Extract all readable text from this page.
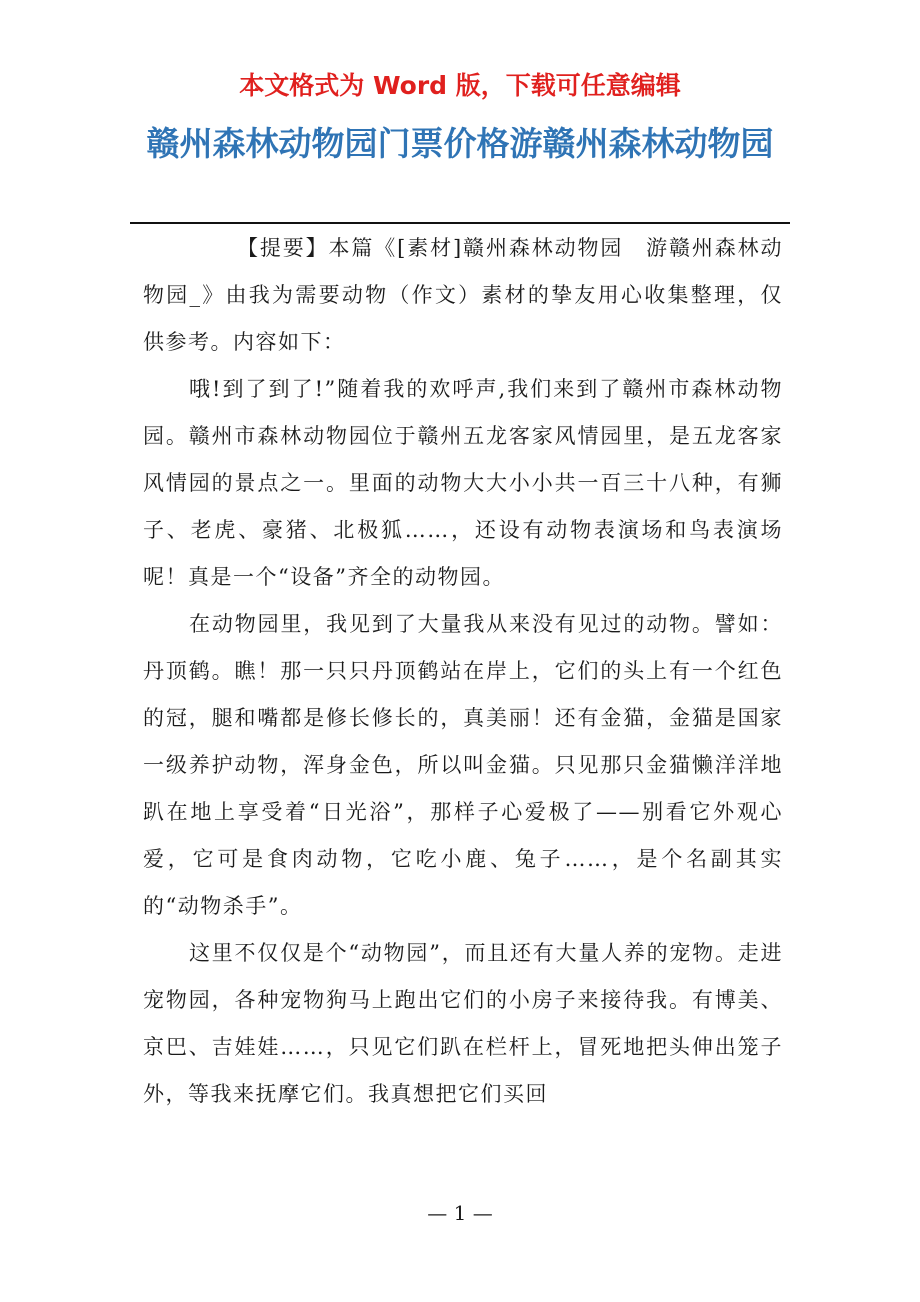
本文格式为 Word 版，下载可任意编辑
赣州森林动物园门票价格游赣州森林动物园

【提要】本篇《[素材]赣州森林动物园　游赣州森林动物园_》由我为需要动物（作文）素材的挚友用心收集整理，仅供参考。内容如下：

哦!到了到了!”随着我的欢呼声,我们来到了赣州市森林动物园。赣州市森林动物园位于赣州五龙客家风情园里，是五龙客家风情园的景点之一。里面的动物大大小小共一百三十八种，有狮子、老虎、豪猪、北极狐……，还设有动物表演场和鸟表演场呢！真是一个“设备”齐全的动物园。

在动物园里，我见到了大量我从来没有见过的动物。譬如：丹顶鹤。瞧！那一只只丹顶鹤站在岸上，它们的头上有一个红色的冠，腿和嘴都是修长修长的，真美丽！还有金猫，金猫是国家一级养护动物，浑身金色，所以叫金猫。只见那只金猫懒洋洋地趴在地上享受着“日光浴”，那样子心爱极了——别看它外观心爱，它可是食肉动物，它吃小鹿、兔子……，是个名副其实的“动物杀手”。

这里不仅仅是个“动物园”，而且还有大量人养的宠物。走进宠物园，各种宠物狗马上跑出它们的小房子来接待我。有博美、京巴、吉娃娃……，只见它们趴在栏杆上，冒死地把头伸出笼子外，等我来抚摩它们。我真想把它们买回

— 1 —
